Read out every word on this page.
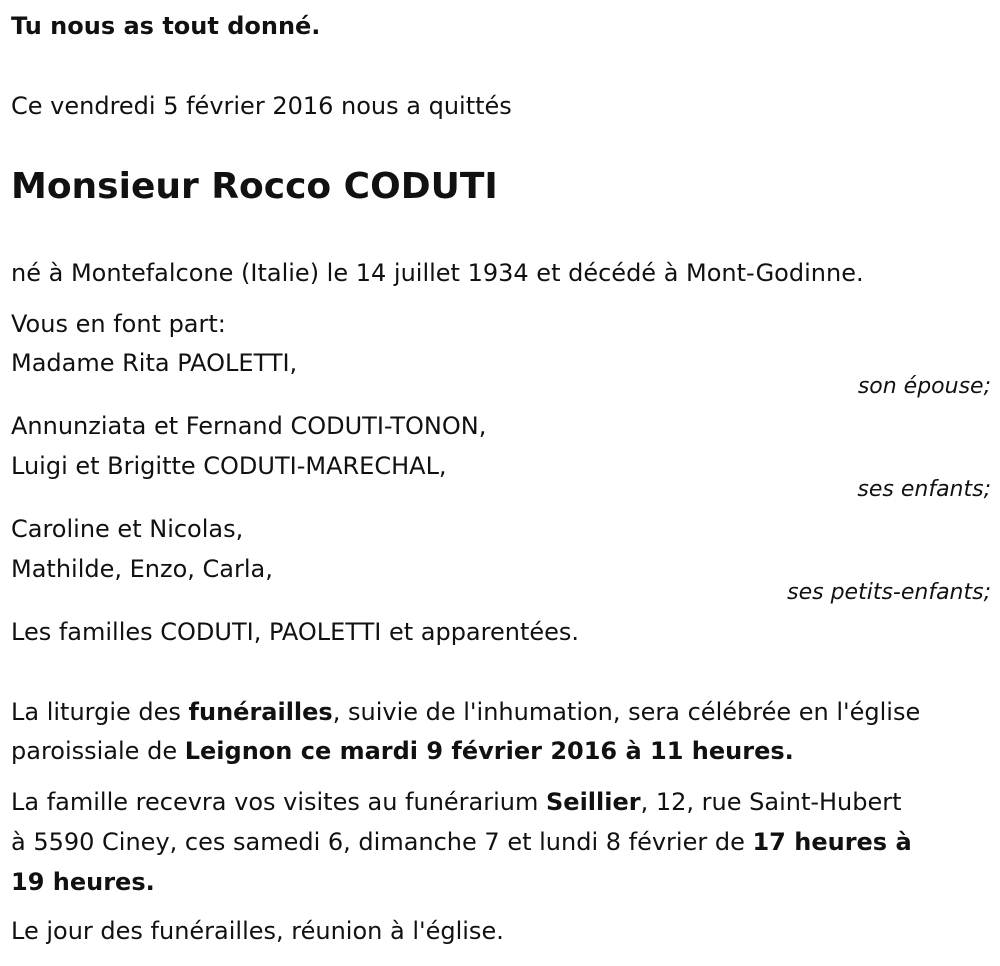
Tu nous as tout donné.
Ce vendredi 5 février 2016 nous a quittés
Monsieur Rocco CODUTI
né à Montefalcone (Italie) le 14 juillet 1934 et décédé à Mont-Godinne.
Vous en font part:
Madame Rita PAOLETTI,
son épouse;
Annunziata et Fernand CODUTI-TONON,
Luigi et Brigitte CODUTI-MARECHAL,
ses enfants;
Caroline et Nicolas,
Mathilde, Enzo, Carla,
ses petits-enfants;
Les familles CODUTI, PAOLETTI et apparentées.
La liturgie des funérailles, suivie de l'inhumation, sera célébrée en l'église
paroissiale de Leignon ce mardi 9 février 2016 à 11 heures.
La famille recevra vos visites au funérarium Seillier, 12, rue Saint-Hubert
à 5590 Ciney, ces samedi 6, dimanche 7 et lundi 8 février de 17 heures à
19 heures.
Le jour des funérailles, réunion à l'église.
